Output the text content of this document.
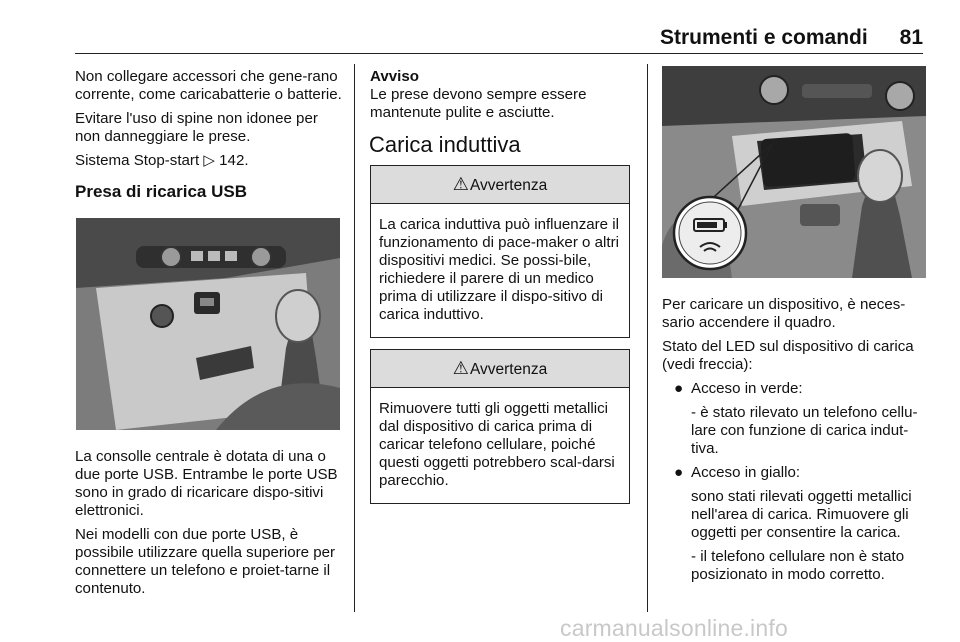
Strumenti e comandi 81

Non collegare accessori che gene-rano corrente, come caricabatterie o batterie.

Evitare l'uso di spine non idonee per non danneggiare le prese.

Sistema Stop-start ▷ 142.

Presa di ricarica USB

La consolle centrale è dotata di una o due porte USB. Entrambe le porte USB sono in grado di ricaricare dispo-sitivi elettronici.

Nei modelli con due porte USB, è possibile utilizzare quella superiore per connettere un telefono e proiet-tarne il contenuto.

Avviso

Le prese devono sempre essere mantenute pulite e asciutte.

Carica induttiva
⚠Avvertenza
La carica induttiva può influenzare il funzionamento di pace-maker o altri dispositivi medici. Se possi-bile, richiedere il parere di un medico prima di utilizzare il dispo-sitivo di carica induttivo.
⚠Avvertenza
Rimuovere tutti gli oggetti metallici dal dispositivo di carica prima di caricar telefono cellulare, poiché questi oggetti potrebbero scal-darsi parecchio.

Per caricare un dispositivo, è neces-sario accendere il quadro.

Stato del LED sul dispositivo di carica (vedi freccia):

● Acceso in verde:
- è stato rilevato un telefono cellu-lare con funzione di carica indut-tiva.
● Acceso in giallo:
sono stati rilevati oggetti metallici nell'area di carica. Rimuovere gli oggetti per consentire la carica.
- il telefono cellulare non è stato posizionato in modo corretto.
carmanualsonline.info
